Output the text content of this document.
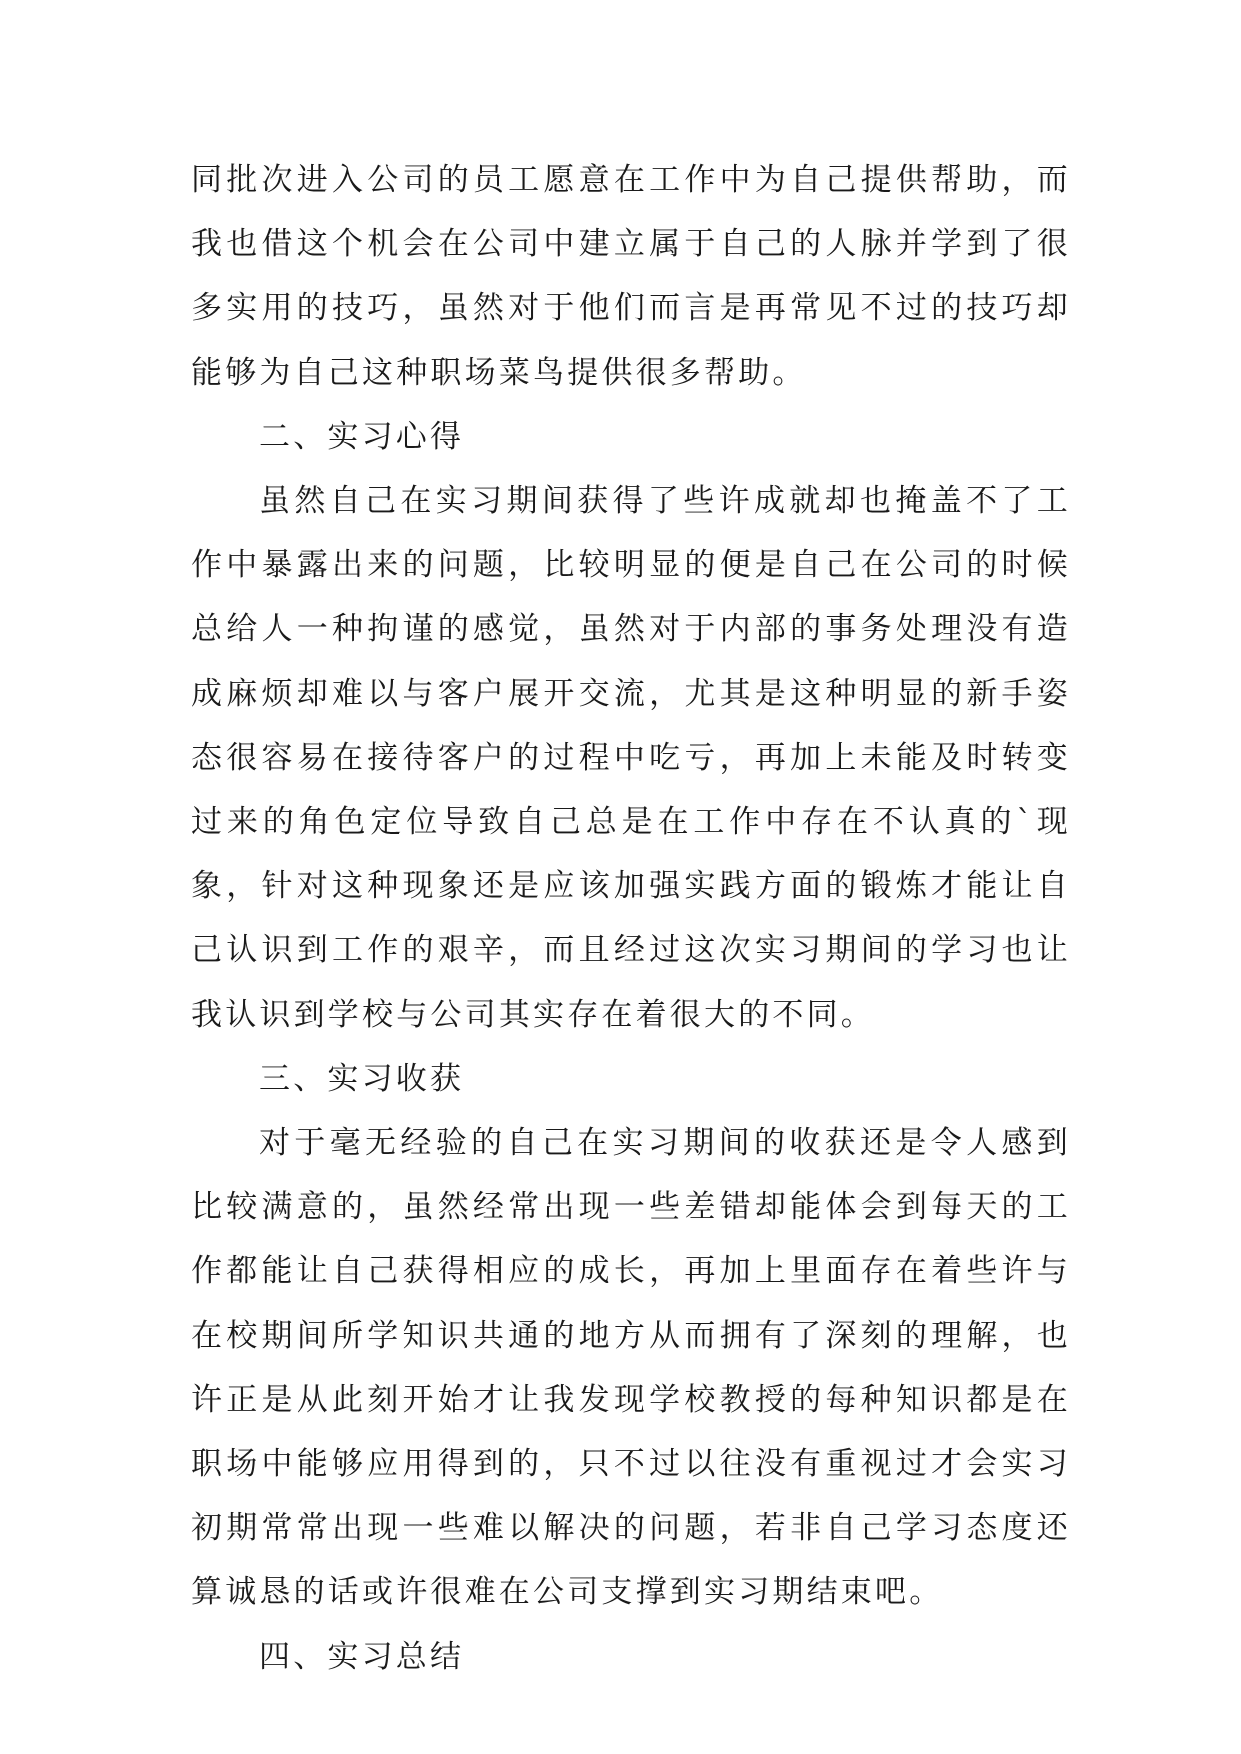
同批次进入公司的员工愿意在工作中为自己提供帮助，而我也借这个机会在公司中建立属于自己的人脉并学到了很多实用的技巧，虽然对于他们而言是再常见不过的技巧却能够为自己这种职场菜鸟提供很多帮助。

二、实习心得

虽然自己在实习期间获得了些许成就却也掩盖不了工作中暴露出来的问题，比较明显的便是自己在公司的时候总给人一种拘谨的感觉，虽然对于内部的事务处理没有造成麻烦却难以与客户展开交流，尤其是这种明显的新手姿态很容易在接待客户的过程中吃亏，再加上未能及时转变过来的角色定位导致自己总是在工作中存在不认真的`现象，针对这种现象还是应该加强实践方面的锻炼才能让自己认识到工作的艰辛，而且经过这次实习期间的学习也让我认识到学校与公司其实存在着很大的不同。

三、实习收获

对于毫无经验的自己在实习期间的收获还是令人感到比较满意的，虽然经常出现一些差错却能体会到每天的工作都能让自己获得相应的成长，再加上里面存在着些许与在校期间所学知识共通的地方从而拥有了深刻的理解，也许正是从此刻开始才让我发现学校教授的每种知识都是在职场中能够应用得到的，只不过以往没有重视过才会实习初期常常出现一些难以解决的问题，若非自己学习态度还算诚恳的话或许很难在公司支撑到实习期结束吧。

四、实习总结
